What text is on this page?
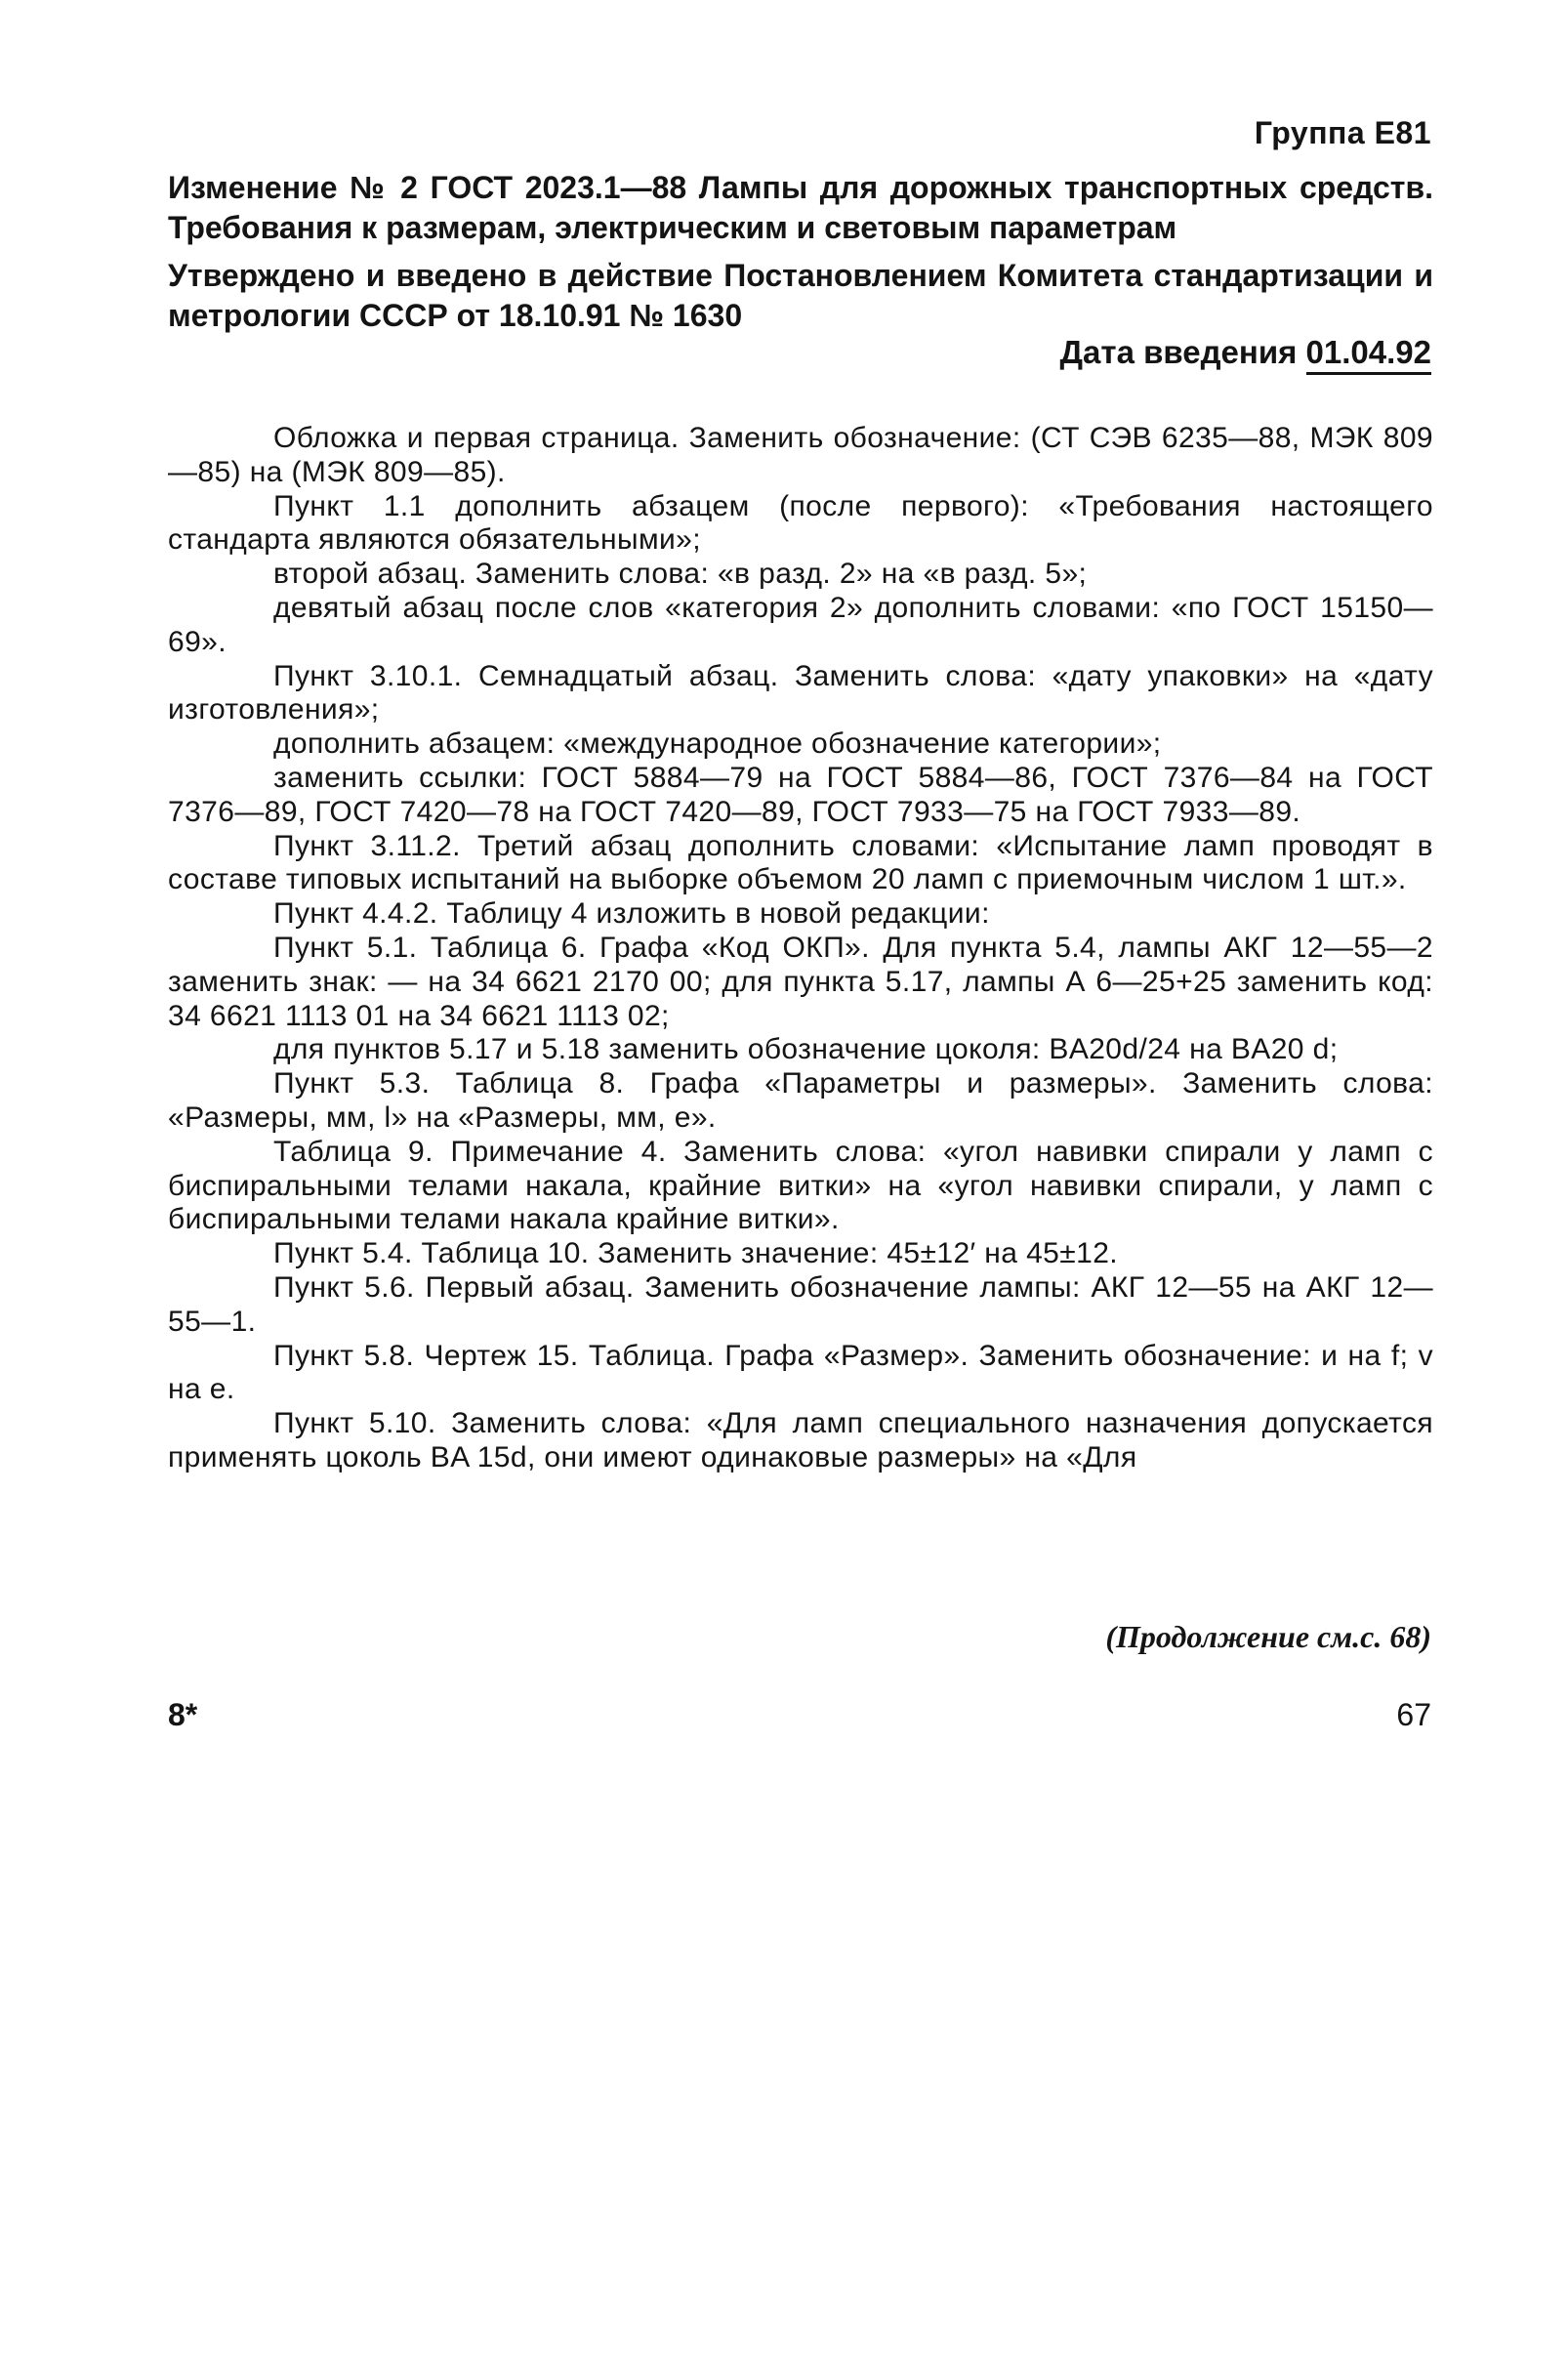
Группа Е81
Изменение № 2 ГОСТ 2023.1—88 Лампы для дорожных транспортных средств. Требования к размерам, электрическим и световым параметрам
Утверждено и введено в действие Постановлением Комитета стандартизации и метрологии СССР от 18.10.91 № 1630
Дата введения 01.04.92

Обложка и первая страница. Заменить обозначение: (СТ СЭВ 6235—88, МЭК 809—85) на (МЭК 809—85).

Пункт 1.1 дополнить абзацем (после первого): «Требования настоящего стандарта являются обязательными»;

второй абзац. Заменить слова: «в разд. 2» на «в разд. 5»;

девятый абзац после слов «категория 2» дополнить словами: «по ГОСТ 15150—69».

Пункт 3.10.1. Семнадцатый абзац. Заменить слова: «дату упаковки» на «дату изготовления»;

дополнить абзацем: «международное обозначение категории»;

заменить ссылки: ГОСТ 5884—79 на ГОСТ 5884—86, ГОСТ 7376—84 на ГОСТ 7376—89, ГОСТ 7420—78 на ГОСТ 7420—89, ГОСТ 7933—75 на ГОСТ 7933—89.

Пункт 3.11.2. Третий абзац дополнить словами: «Испытание ламп проводят в составе типовых испытаний на выборке объемом 20 ламп с приемочным числом 1 шт.».

Пункт 4.4.2. Таблицу 4 изложить в новой редакции:

Пункт 5.1. Таблица 6. Графа «Код ОКП». Для пункта 5.4, лампы АКГ 12—55—2 заменить знак: — на 34 6621 2170 00; для пункта 5.17, лампы А 6—25+25 заменить код: 34 6621 1113 01 на 34 6621 1113 02;

для пунктов 5.17 и 5.18 заменить обозначение цоколя: BA20d/24 на BA20 d;

Пункт 5.3. Таблица 8. Графа «Параметры и размеры». Заменить слова: «Размеры, мм, l» на «Размеры, мм, e».

Таблица 9. Примечание 4. Заменить слова: «угол навивки спирали у ламп с биспиральными телами накала, крайние витки» на «угол навивки спирали, у ламп с биспиральными телами накала крайние витки».

Пункт 5.4. Таблица 10. Заменить значение: 45±12′ на 45±12.

Пункт 5.6. Первый абзац. Заменить обозначение лампы: АКГ 12—55 на АКГ 12—55—1.

Пункт 5.8. Чертеж 15. Таблица. Графа «Размер». Заменить обозначение: и на f; v на e.

Пункт 5.10. Заменить слова: «Для ламп специального назначения допускается применять цоколь BA 15d, они имеют одинаковые размеры» на «Для

(Продолжение см.с. 68)
8*	67
